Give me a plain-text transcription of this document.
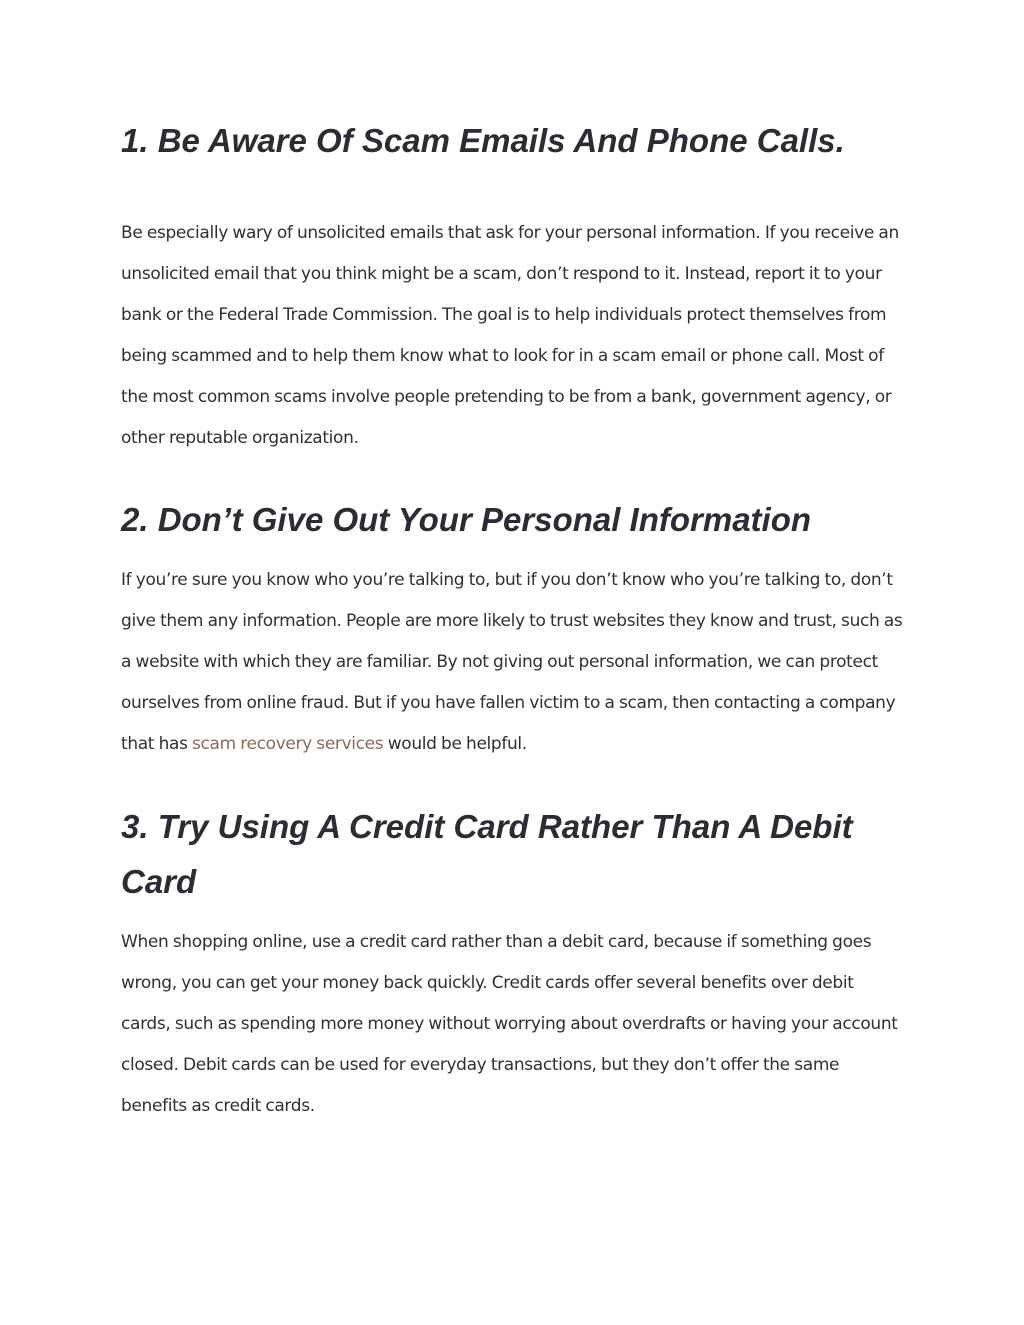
1. Be Aware Of Scam Emails And Phone Calls.

Be especially wary of unsolicited emails that ask for your personal information. If you receive an unsolicited email that you think might be a scam, don’t respond to it. Instead, report it to your bank or the Federal Trade Commission. The goal is to help individuals protect themselves from being scammed and to help them know what to look for in a scam email or phone call. Most of the most common scams involve people pretending to be from a bank, government agency, or other reputable organization.

2. Don’t Give Out Your Personal Information

If you’re sure you know who you’re talking to, but if you don’t know who you’re talking to, don’t give them any information. People are more likely to trust websites they know and trust, such as a website with which they are familiar. By not giving out personal information, we can protect ourselves from online fraud. But if you have fallen victim to a scam, then contacting a company that has scam recovery services would be helpful.

3. Try Using A Credit Card Rather Than A Debit Card

When shopping online, use a credit card rather than a debit card, because if something goes wrong, you can get your money back quickly. Credit cards offer several benefits over debit cards, such as spending more money without worrying about overdrafts or having your account closed. Debit cards can be used for everyday transactions, but they don’t offer the same benefits as credit cards.
